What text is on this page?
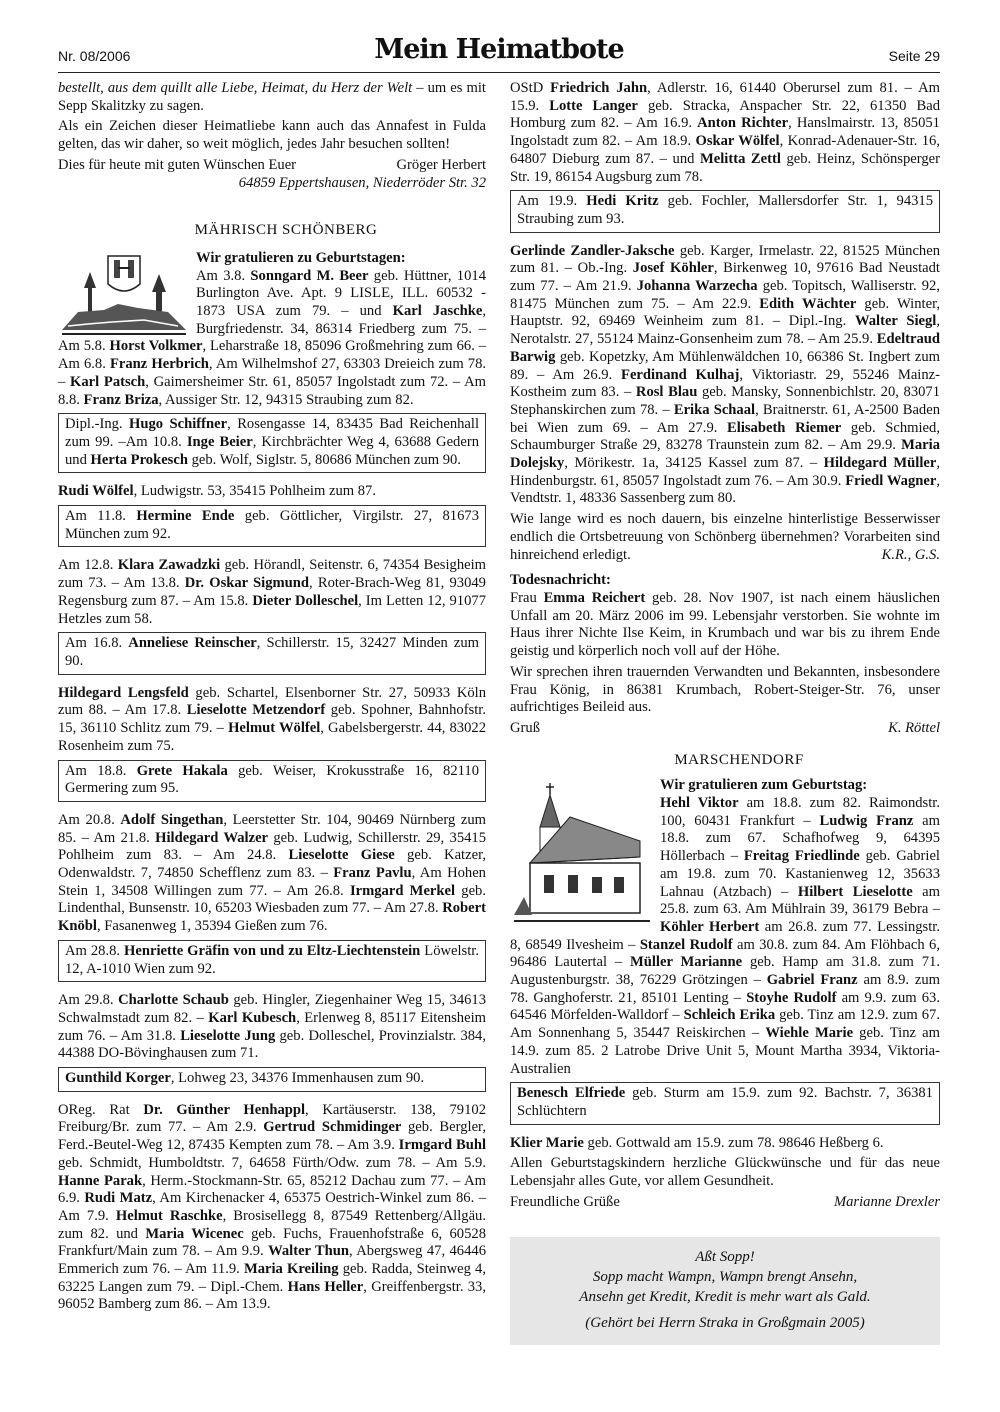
Nr. 08/2006	Mein Heimatbote	Seite 29

bestellt, aus dem quillt alle Liebe, Heimat, du Herz der Welt – um es mit Sepp Skalitzky zu sagen.

Als ein Zeichen dieser Heimatliebe kann auch das Annafest in Fulda gelten, das wir daher, so weit möglich, jedes Jahr besuchen sollten!

Dies für heute mit guten Wünschen Euer	Gröger Herbert
64859 Eppertshausen, Niederröder Str. 32
MÄHRISCH SCHÖNBERG

Wir gratulieren zu Geburtstagen:
Am 3.8. Sonngard M. Beer geb. Hüttner, 1014 Burlington Ave. Apt. 9 LISLE, ILL. 60532 - 1873 USA zum 79. – und Karl Jaschke, Burgfriedenstr. 34, 86314 Friedberg zum 75. – Am 5.8. Horst Volkmer, Leharstraße 18, 85096 Großmehring zum 66. – Am 6.8. Franz Herbrich, Am Wilhelmshof 27, 63303 Dreieich zum 78. – Karl Patsch, Gaimersheimer Str. 61, 85057 Ingolstadt zum 72. – Am 8.8. Franz Briza, Aussiger Str. 12, 94315 Straubing zum 82.

Dipl.-Ing. Hugo Schiffner, Rosengasse 14, 83435 Bad Reichenhall zum 99. –Am 10.8. Inge Beier, Kirchbrächter Weg 4, 63688 Gedern und Herta Prokesch geb. Wolf, Siglstr. 5, 80686 München zum 90.

Rudi Wölfel, Ludwigstr. 53, 35415 Pohlheim zum 87.

Am 11.8. Hermine Ende geb. Göttlicher, Virgilstr. 27, 81673 München zum 92.

Am 12.8. Klara Zawadzki geb. Hörandl, Seitenstr. 6, 74354 Besigheim zum 73. – Am 13.8. Dr. Oskar Sigmund, Roter-Brach-Weg 81, 93049 Regensburg zum 87. – Am 15.8. Dieter Dolleschel, Im Letten 12, 91077 Hetzles zum 58.

Am 16.8. Anneliese Reinscher, Schillerstr. 15, 32427 Minden zum 90.

Hildegard Lengsfeld geb. Schartel, Elsenborner Str. 27, 50933 Köln zum 88. – Am 17.8. Lieselotte Metzendorf geb. Spohner, Bahnhofstr. 15, 36110 Schlitz zum 79. – Helmut Wölfel, Gabelsbergerstr. 44, 83022 Rosenheim zum 75.

Am 18.8. Grete Hakala geb. Weiser, Krokusstraße 16, 82110 Germering zum 95.

Am 20.8. Adolf Singethan, Leerstetter Str. 104, 90469 Nürnberg zum 85. – Am 21.8. Hildegard Walzer geb. Ludwig, Schillerstr. 29, 35415 Pohlheim zum 83. – Am 24.8. Lieselotte Giese geb. Katzer, Odenwaldstr. 7, 74850 Schefflenz zum 83. – Franz Pavlu, Am Hohen Stein 1, 34508 Willingen zum 77. – Am 26.8. Irmgard Merkel geb. Lindenthal, Bunsenstr. 10, 65203 Wiesbaden zum 77. – Am 27.8. Robert Knöbl, Fasanenweg 1, 35394 Gießen zum 76.

Am 28.8. Henriette Gräfin von und zu Eltz-Liechtenstein Löwelstr. 12, A-1010 Wien zum 92.

Am 29.8. Charlotte Schaub geb. Hingler, Ziegenhainer Weg 15, 34613 Schwalmstadt zum 82. – Karl Kubesch, Erlenweg 8, 85117 Eitensheim zum 76. – Am 31.8. Lieselotte Jung geb. Dolleschel, Provinzialstr. 384, 44388 DO-Bövinghausen zum 71.

Gunthild Korger, Lohweg 23, 34376 Immenhausen zum 90.

OReg. Rat Dr. Günther Henhappl, Kartäuserstr. 138, 79102 Freiburg/Br. zum 77. – Am 2.9. Gertrud Schmidinger geb. Bergler, Ferd.-Beutel-Weg 12, 87435 Kempten zum 78. – Am 3.9. Irmgard Buhl geb. Schmidt, Humboldtstr. 7, 64658 Fürth/Odw. zum 78. – Am 5.9. Hanne Parak, Herm.-Stockmann-Str. 65, 85212 Dachau zum 77. – Am 6.9. Rudi Matz, Am Kirchenacker 4, 65375 Oestrich-Winkel zum 86. – Am 7.9. Helmut Raschke, Brosisellegg 8, 87549 Rettenberg/Allgäu. zum 82. und Maria Wicenec geb. Fuchs, Frauenhofstraße 6, 60528 Frankfurt/Main zum 78. – Am 9.9. Walter Thun, Abergsweg 47, 46446 Emmerich zum 76. – Am 11.9. Maria Kreiling geb. Radda, Steinweg 4, 63225 Langen zum 79. – Dipl.-Chem. Hans Heller, Greiffenbergstr. 33, 96052 Bamberg zum 86. – Am 13.9.

OStD Friedrich Jahn, Adlerstr. 16, 61440 Oberursel zum 81. – Am 15.9. Lotte Langer geb. Stracka, Anspacher Str. 22, 61350 Bad Homburg zum 82. – Am 16.9. Anton Richter, Hanslmairstr. 13, 85051 Ingolstadt zum 82. – Am 18.9. Oskar Wölfel, Konrad-Adenauer-Str. 16, 64807 Dieburg zum 87. – und Melitta Zettl geb. Heinz, Schönsperger Str. 19, 86154 Augsburg zum 78.

Am 19.9. Hedi Kritz geb. Fochler, Mallersdorfer Str. 1, 94315 Straubing zum 93.

Gerlinde Zandler-Jaksche geb. Karger, Irmelastr. 22, 81525 München zum 81. – Ob.-Ing. Josef Köhler, Birkenweg 10, 97616 Bad Neustadt zum 77. – Am 21.9. Johanna Warzecha geb. Topitsch, Walliserstr. 92, 81475 München zum 75. – Am 22.9. Edith Wächter geb. Winter, Hauptstr. 92, 69469 Weinheim zum 81. – Dipl.-Ing. Walter Siegl, Nerotalstr. 27, 55124 Mainz-Gonsenheim zum 78. – Am 25.9. Edeltraud Barwig geb. Kopetzky, Am Mühlenwäldchen 10, 66386 St. Ingbert zum 89. – Am 26.9. Ferdinand Kulhaj, Viktoriastr. 29, 55246 Mainz-Kostheim zum 83. – Rosl Blau geb. Mansky, Sonnenbichlstr. 20, 83071 Stephanskirchen zum 78. – Erika Schaal, Braitnerstr. 61, A-2500 Baden bei Wien zum 69. – Am 27.9. Elisabeth Riemer geb. Schmied, Schaumburger Straße 29, 83278 Traunstein zum 82. – Am 29.9. Maria Dolejsky, Mörikestr. 1a, 34125 Kassel zum 87. – Hildegard Müller, Hindenburgstr. 61, 85057 Ingolstadt zum 76. – Am 30.9. Friedl Wagner, Vendtstr. 1, 48336 Sassenberg zum 80.

Wie lange wird es noch dauern, bis einzelne hinterlistige Besserwisser endlich die Ortsbetreuung von Schönberg übernehmen? Vorarbeiten sind hinreichend erledigt.	K.R., G.S.

Todesnachricht:

Frau Emma Reichert geb. 28. Nov 1907, ist nach einem häuslichen Unfall am 20. März 2006 im 99. Lebensjahr verstorben. Sie wohnte im Haus ihrer Nichte Ilse Keim, in Krumbach und war bis zu ihrem Ende geistig und körperlich noch voll auf der Höhe.

Wir sprechen ihren trauernden Verwandten und Bekannten, insbesondere Frau König, in 86381 Krumbach, Robert-Steiger-Str. 76, unser aufrichtiges Beileid aus.

Gruß	K. Röttel
MARSCHENDORF

Wir gratulieren zum Geburtstag:
Hehl Viktor am 18.8. zum 82. Raimondstr. 100, 60431 Frankfurt – Ludwig Franz am 18.8. zum 67. Schafhofweg 9, 64395 Höllerbach – Freitag Friedlinde geb. Gabriel am 19.8. zum 70. Kastanienweg 12, 35633 Lahnau (Atzbach) – Hilbert Lieselotte am 25.8. zum 63. Am Mühlrain 39, 36179 Bebra – Köhler Herbert am 26.8. zum 77. Lessingstr. 8, 68549 Ilvesheim – Stanzel Rudolf am 30.8. zum 84. Am Flöhbach 6, 96486 Lautertal – Müller Marianne geb. Hamp am 31.8. zum 71. Augustenburgstr. 38, 76229 Grötzingen – Gabriel Franz am 8.9. zum 78. Ganghoferstr. 21, 85101 Lenting – Stoyhe Rudolf am 9.9. zum 63. 64546 Mörfelden-Walldorf – Schleich Erika geb. Tinz am 12.9. zum 67. Am Sonnenhang 5, 35447 Reiskirchen – Wiehle Marie geb. Tinz am 14.9. zum 85. 2 Latrobe Drive Unit 5, Mount Martha 3934, Viktoria-Australien

Benesch Elfriede geb. Sturm am 15.9. zum 92. Bachstr. 7, 36381 Schlüchtern

Klier Marie geb. Gottwald am 15.9. zum 78. 98646 Heßberg 6.

Allen Geburtstagskindern herzliche Glückwünsche und für das neue Lebensjahr alles Gute, vor allem Gesundheit.

Freundliche Grüße	Marianne Drexler
Aßt Sopp!
Sopp macht Wampn, Wampn brengt Ansehn,
Ansehn get Kredit, Kredit is mehr wart als Gald.
(Gehört bei Herrn Straka in Großgmain 2005)
